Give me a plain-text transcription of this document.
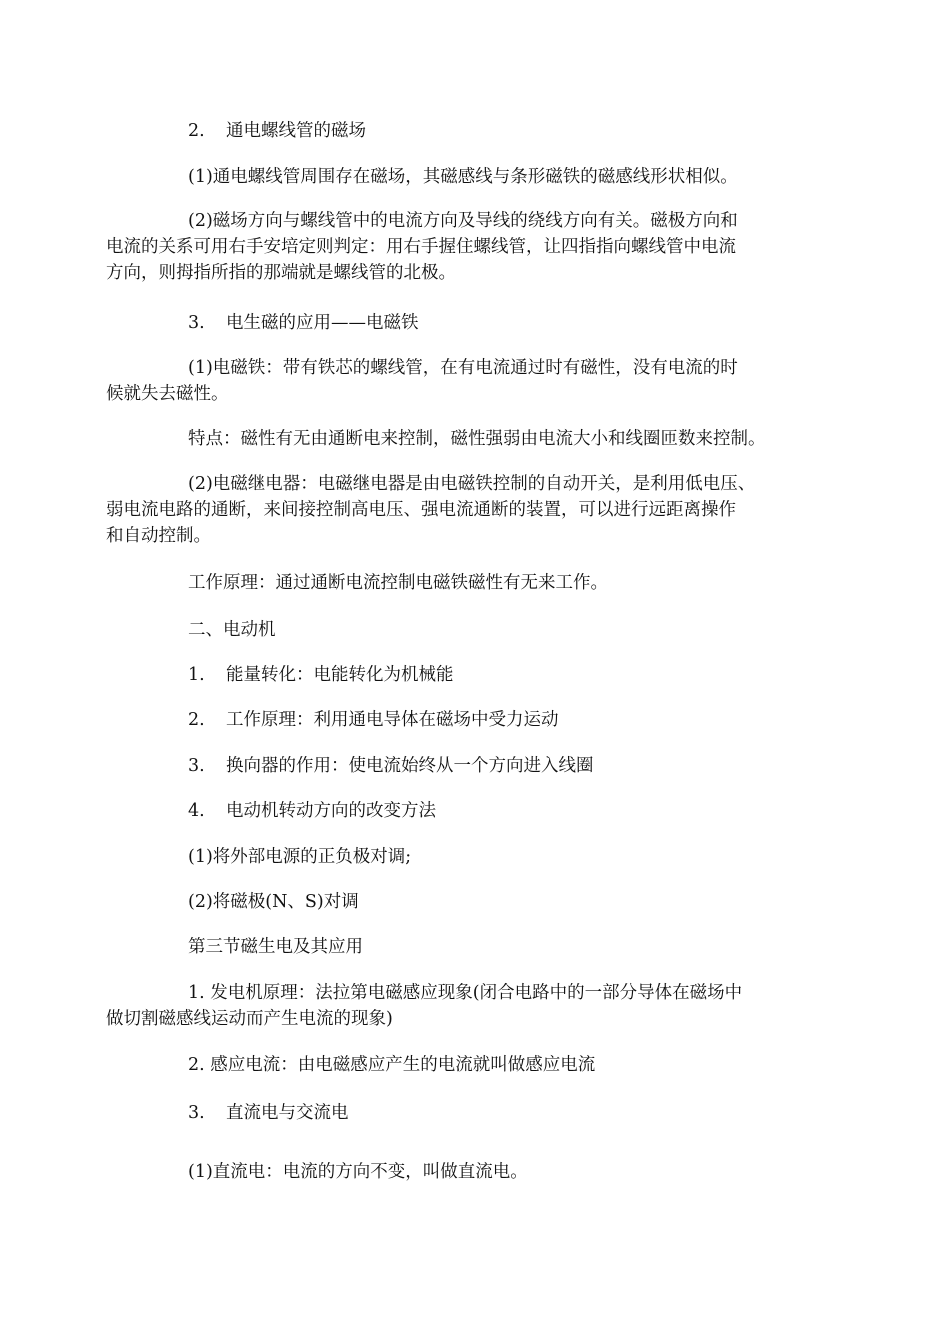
2. 通电螺线管的磁场

(1)通电螺线管周围存在磁场，其磁感线与条形磁铁的磁感线形状相似。

(2)磁场方向与螺线管中的电流方向及导线的绕线方向有关。磁极方向和
电流的关系可用右手安培定则判定：用右手握住螺线管，让四指指向螺线管中电流
方向，则拇指所指的那端就是螺线管的北极。

3. 电生磁的应用——电磁铁

(1)电磁铁：带有铁芯的螺线管，在有电流通过时有磁性，没有电流的时
候就失去磁性。

特点：磁性有无由通断电来控制，磁性强弱由电流大小和线圈匝数来控制。

(2)电磁继电器：电磁继电器是由电磁铁控制的自动开关，是利用低电压、
弱电流电路的通断，来间接控制高电压、强电流通断的装置，可以进行远距离操作
和自动控制。

工作原理：通过通断电流控制电磁铁磁性有无来工作。

二、电动机

1. 能量转化：电能转化为机械能

2. 工作原理：利用通电导体在磁场中受力运动

3. 换向器的作用：使电流始终从一个方向进入线圈

4. 电动机转动方向的改变方法

(1)将外部电源的正负极对调;

(2)将磁极(N、S)对调

第三节磁生电及其应用

1. 发电机原理：法拉第电磁感应现象(闭合电路中的一部分导体在磁场中
做切割磁感线运动而产生电流的现象)

2. 感应电流：由电磁感应产生的电流就叫做感应电流

3. 直流电与交流电

(1)直流电：电流的方向不变，叫做直流电。
